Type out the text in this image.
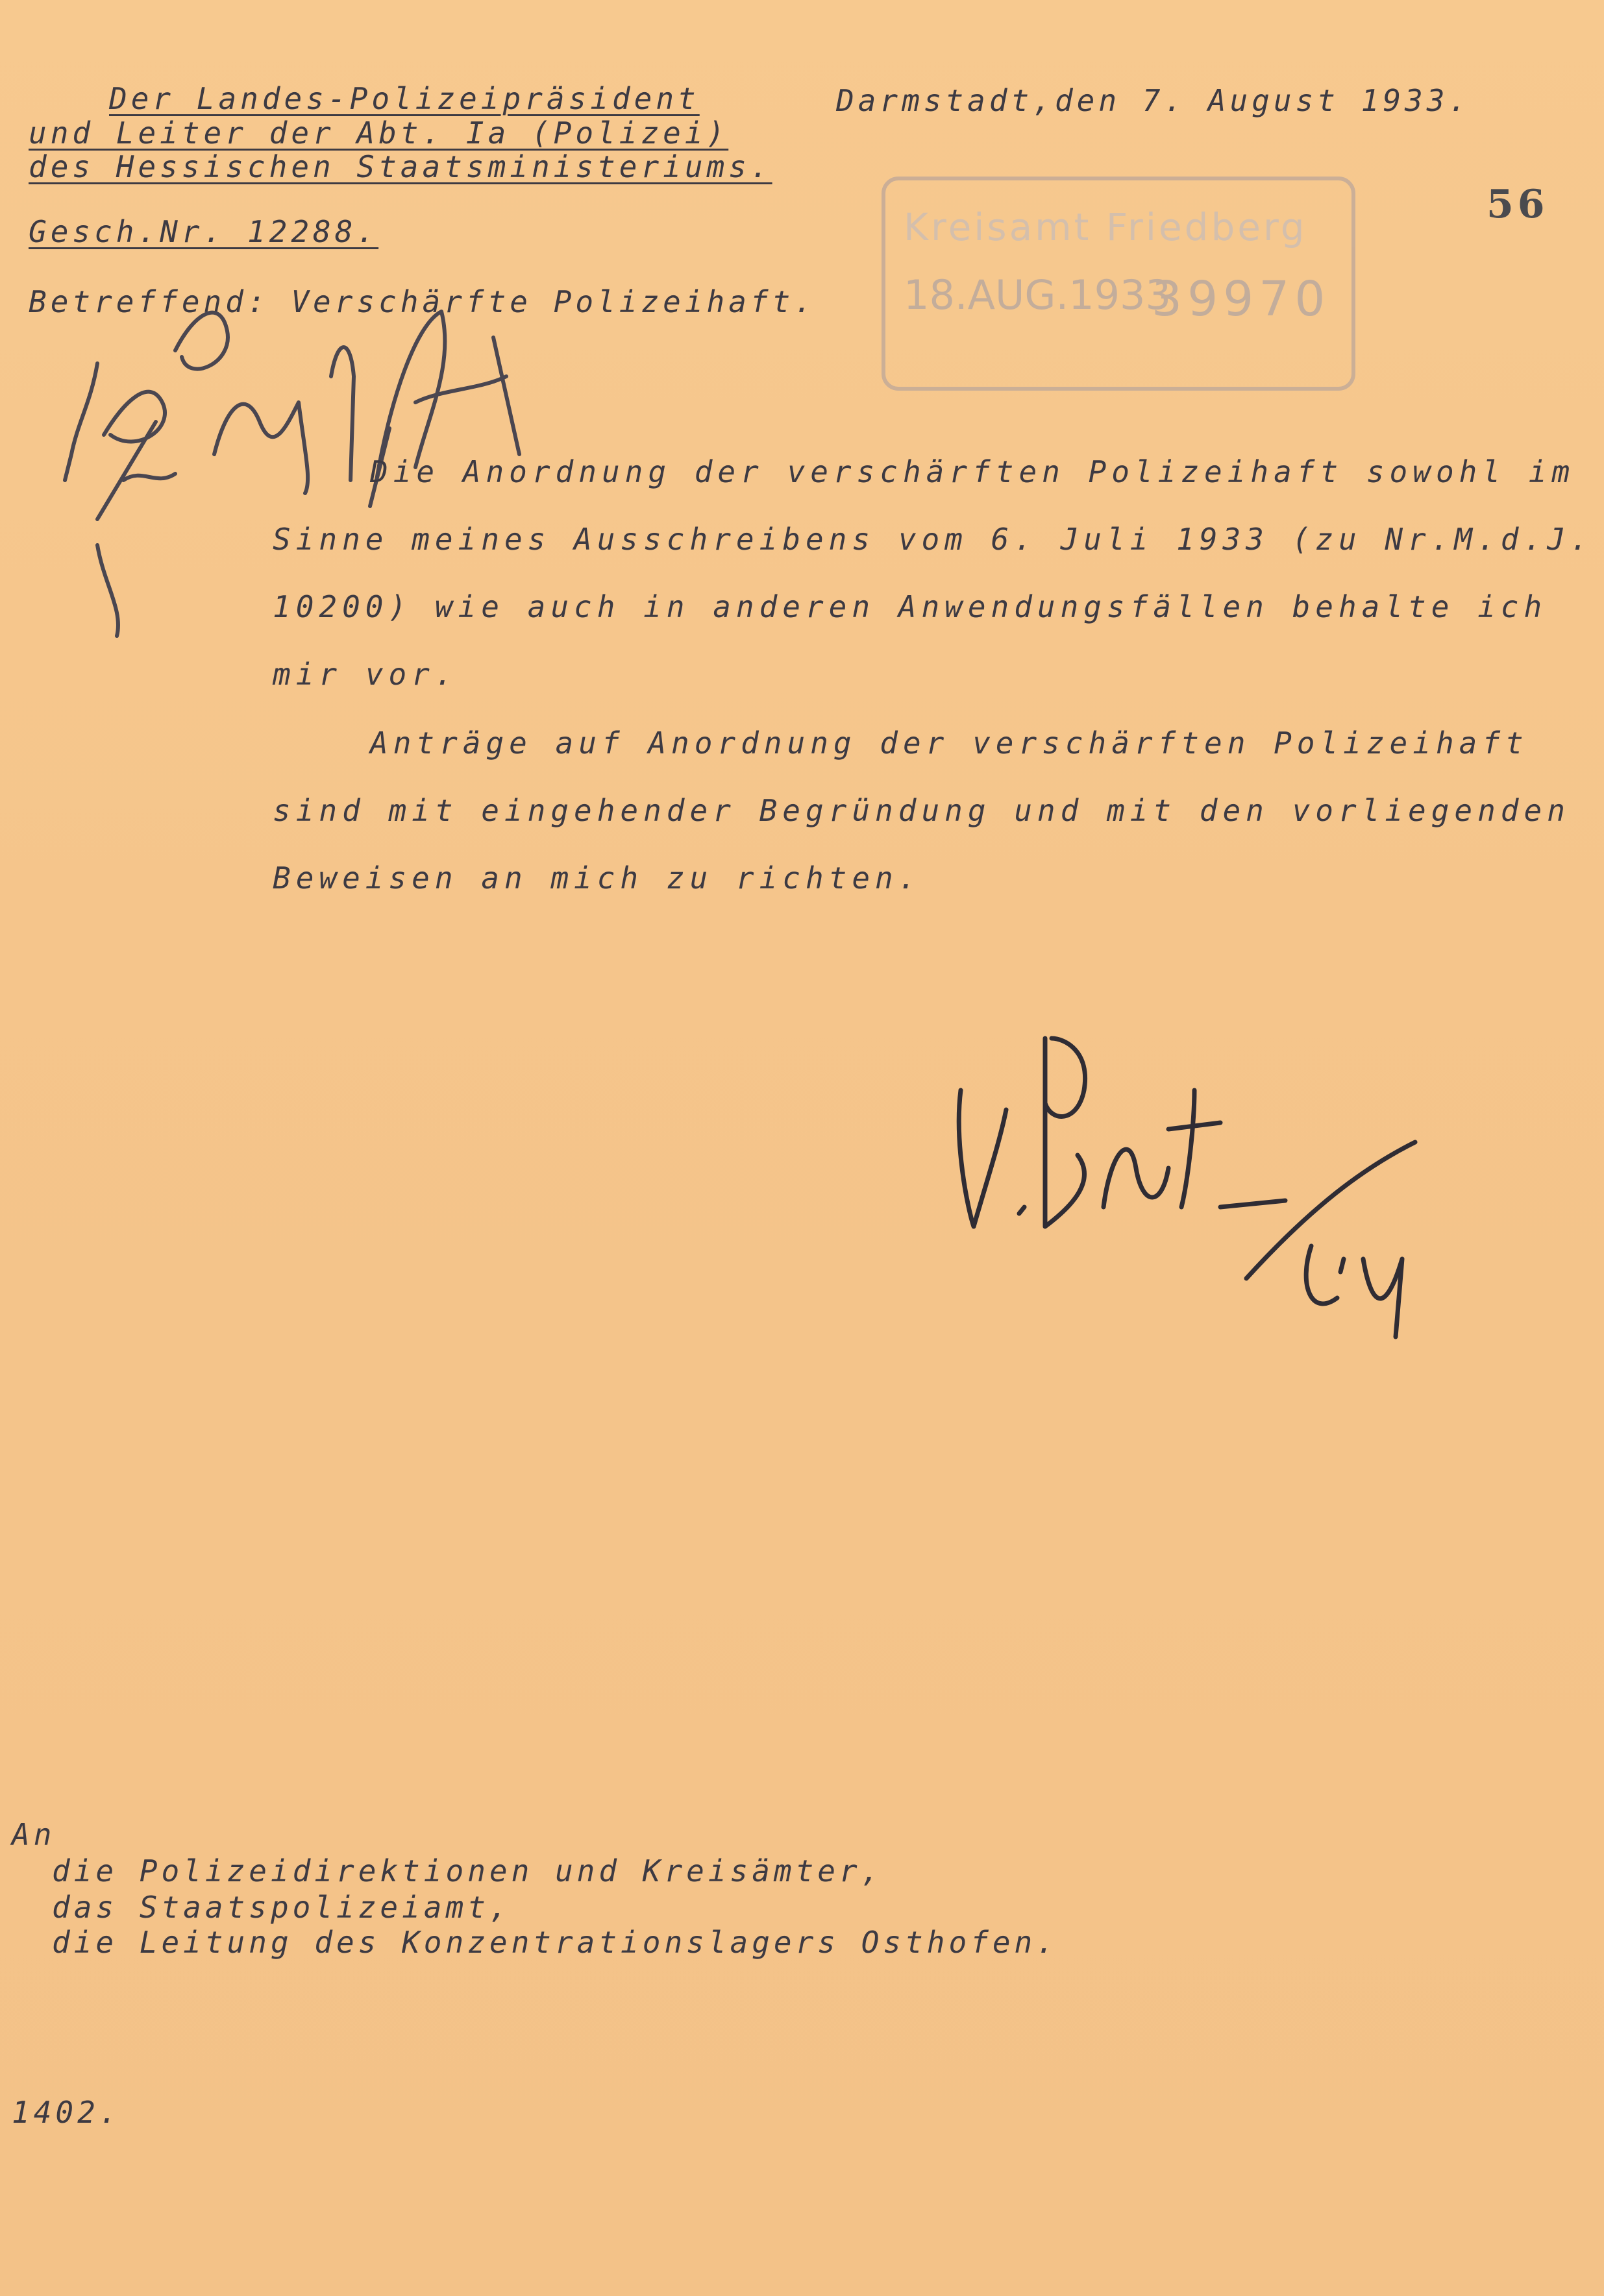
Der Landes-Polizeipräsident
und Leiter der Abt. Ia (Polizei)
des Hessischen Staatsministeriums.
Darmstadt,den 7. August 1933.
56
Gesch.Nr. 12288.
Betreffend: Verschärfte Polizeihaft.
Kreisamt Friedberg
18.AUG.1933
39970
Die Anordnung der verschärften Polizeihaft sowohl im
Sinne meines Ausschreibens vom 6. Juli 1933 (zu Nr.M.d.J.
10200) wie auch in anderen Anwendungsfällen behalte ich
mir vor.
Anträge auf Anordnung der verschärften Polizeihaft
sind mit eingehender Begründung und mit den vorliegenden
Beweisen an mich zu richten.
An
die Polizeidirektionen und Kreisämter,
das Staatspolizeiamt,
die Leitung des Konzentrationslagers Osthofen.
1402.
